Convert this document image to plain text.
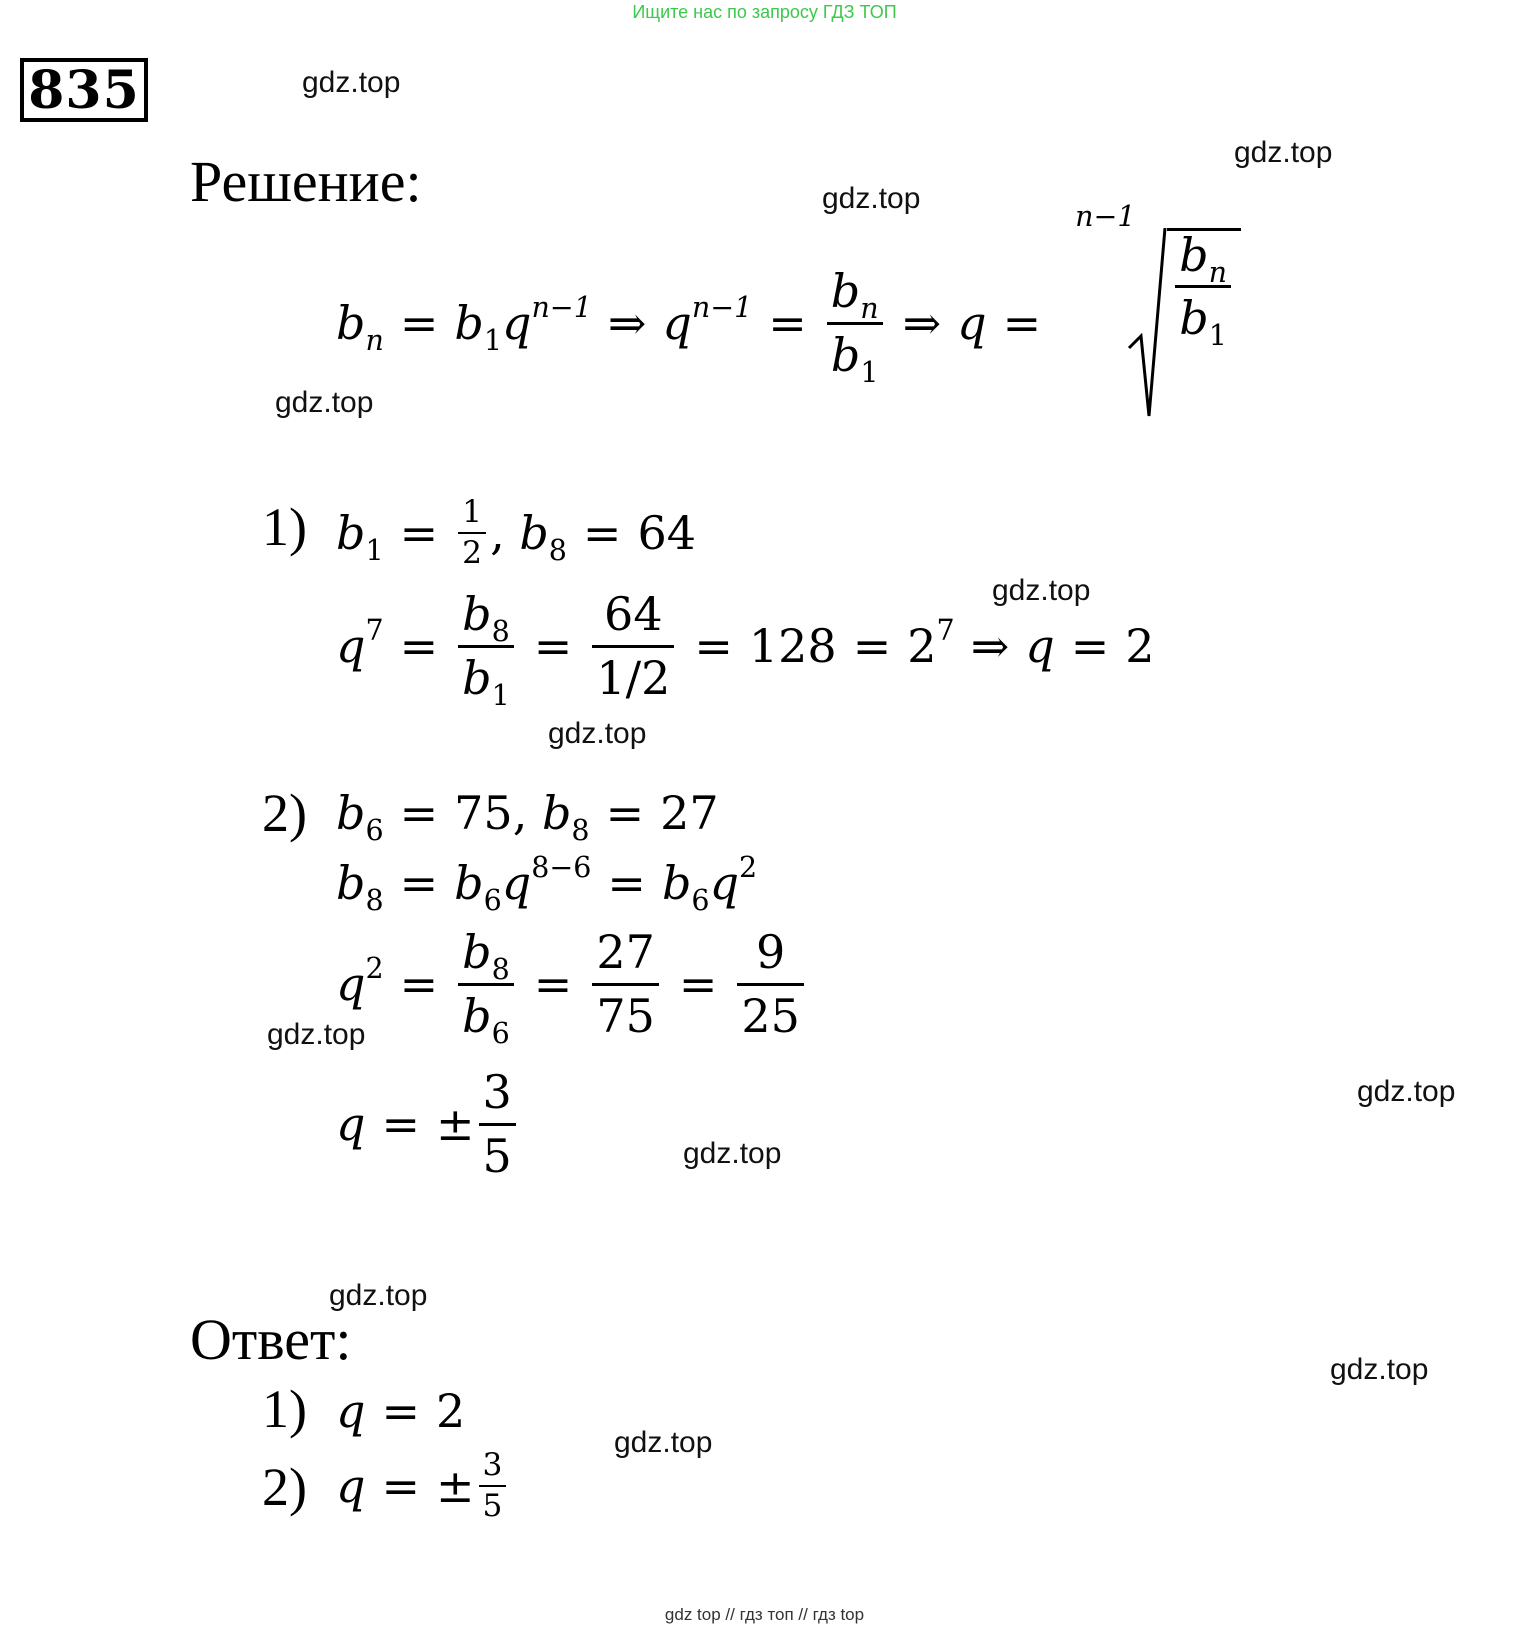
Ищите нас по запросу ГДЗ ТОП
gdz top // гдз топ // гдз top
835	gdz.top
gdz.top
gdz.top
gdz.top
gdz.top
gdz.top
gdz.top
gdz.top
gdz.top
gdz.top
gdz.top
gdz.top
Решение:
$b_n = b_1q^{n-1}$ ⇒ $q^{n-1} = \frac{b_n}{b_1}$ ⇒ q =
n−1
$\frac{b_n}{b_1}$
1) $b_1 = \frac{1}{2}$ , $b_8 = 64$
$q^7 = \frac{b_8}{b_1} = \frac{64}{1/2} = 128 = 2^7$ ⇒ q = 2
2) $b_6 = 75$ , $b_8 = 27$
$b_8 = b_6q^{8-6} = b_6q^2$
$q^2 = \frac{b_8}{b_6} = \frac{27}{75} = \frac{9}{25}$
q = ± $\frac{3}{5}$
Ответ:
1) q = 2
2) q = ± $\frac{3}{5}$
